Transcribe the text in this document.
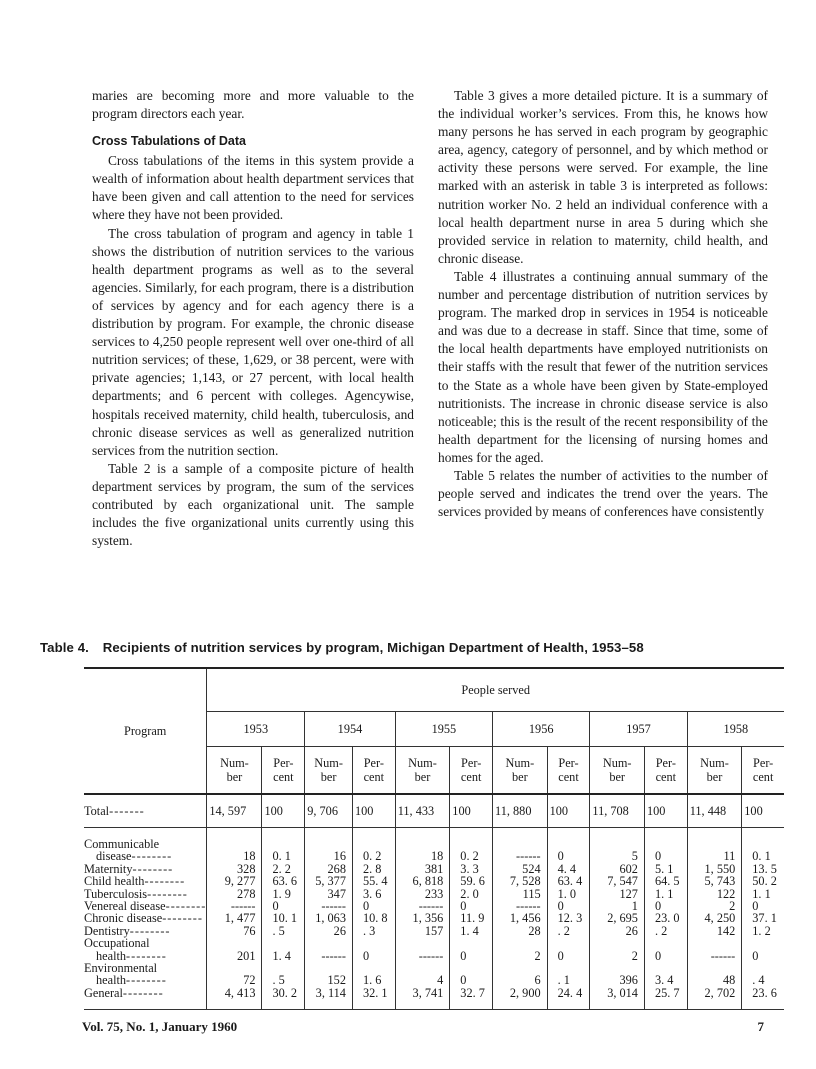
maries are becoming more and more valuable to the program directors each year.

Cross Tabulations of Data

Cross tabulations of the items in this system provide a wealth of information about health department services that have been given and call attention to the need for services where they have not been provided.

The cross tabulation of program and agency in table 1 shows the distribution of nutrition services to the various health department programs as well as to the several agencies. Similarly, for each program, there is a distribution of services by agency and for each agency there is a distribution by program. For example, the chronic disease services to 4,250 people represent well over one-third of all nutrition services; of these, 1,629, or 38 percent, were with private agencies; 1,143, or 27 percent, with local health departments; and 6 percent with colleges. Agencywise, hospitals received maternity, child health, tuberculosis, and chronic disease services as well as generalized nutrition services from the nutrition section.

Table 2 is a sample of a composite picture of health department services by program, the sum of the services contributed by each organizational unit. The sample includes the five organizational units currently using this system.

Table 3 gives a more detailed picture. It is a summary of the individual worker’s services. From this, he knows how many persons he has served in each program by geographic area, agency, category of personnel, and by which method or activity these persons were served. For example, the line marked with an asterisk in table 3 is interpreted as follows: nutrition worker No. 2 held an individual conference with a local health department nurse in area 5 during which she provided service in relation to maternity, child health, and chronic disease.

Table 4 illustrates a continuing annual summary of the number and percentage distribution of nutrition services by program. The marked drop in services in 1954 is noticeable and was due to a decrease in staff. Since that time, some of the local health departments have employed nutritionists on their staffs with the result that fewer of the nutrition services to the State as a whole have been given by State-employed nutritionists. The increase in chronic disease service is also noticeable; this is the result of the recent responsibility of the health department for the licensing of nursing homes and homes for the aged.

Table 5 relates the number of activities to the number of people served and indicates the trend over the years. The services provided by means of conferences have consistently

Table 4. Recipients of nutrition services by program, Michigan Department of Health, 1953–58
Program	People served											
	1953		1954		1955		1956		1957		1958	
	Num-
ber	Per-
cent	Num-
ber	Per-
cent	Num-
ber	Per-
cent	Num-
ber	Per-
cent	Num-
ber	Per-
cent	Num-
ber	Per-
cent
Total-------	14, 597	100	9, 706	100	11, 433	100	11, 880	100	11, 708	100	11, 448	100
Communicable												
disease--------	18	0. 1	16	0. 2	18	0. 2	------	0	5	0	11	0. 1
Maternity--------	328	2. 2	268	2. 8	381	3. 3	524	4. 4	602	5. 1	1, 550	13. 5
Child health--------	9, 277	63. 6	5, 377	55. 4	6, 818	59. 6	7, 528	63. 4	7, 547	64. 5	5, 743	50. 2
Tuberculosis--------	278	1. 9	347	3. 6	233	2. 0	115	1. 0	127	1. 1	122	1. 1
Venereal disease--------	------	0	------	0	------	0	------	0	1	0	2	0
Chronic disease--------	1, 477	10. 1	1, 063	10. 8	1, 356	11. 9	1, 456	12. 3	2, 695	23. 0	4, 250	37. 1
Dentistry--------	76	. 5	26	. 3	157	1. 4	28	. 2	26	. 2	142	1. 2
Occupational												
health--------	201	1. 4	------	0	------	0	2	0	2	0	------	0
Environmental												
health--------	72	. 5	152	1. 6	4	0	6	. 1	396	3. 4	48	. 4
General--------	4, 413	30. 2	3, 114	32. 1	3, 741	32. 7	2, 900	24. 4	3, 014	25. 7	2, 702	23. 6
Vol. 75, No. 1, January 1960	7
